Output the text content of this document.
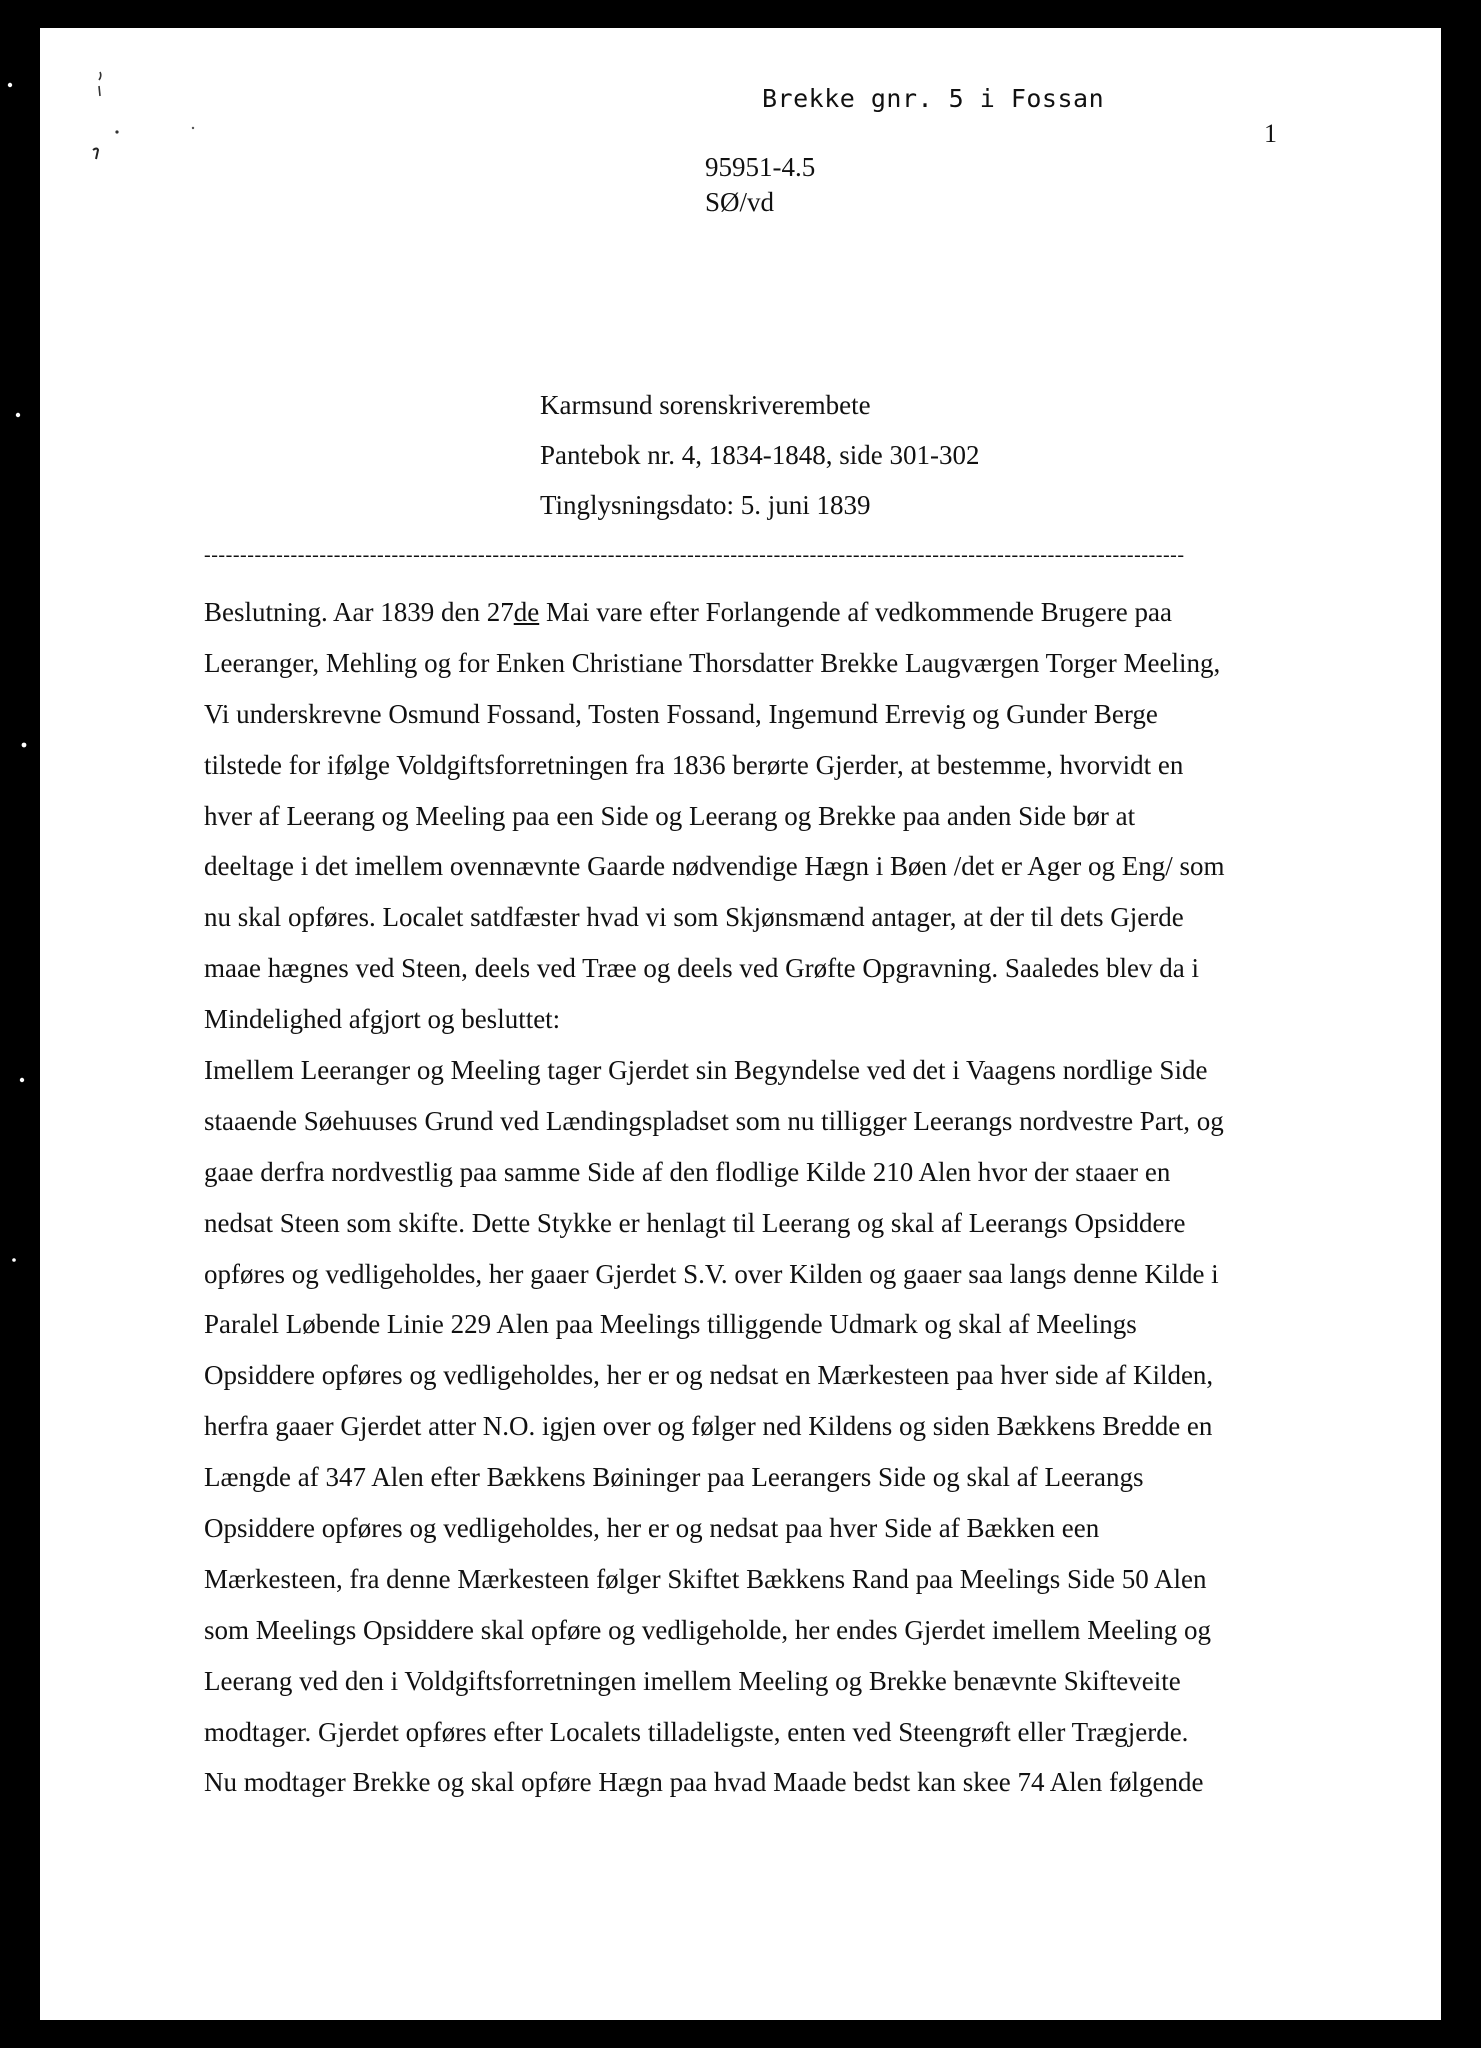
Brekke gnr. 5 i Fossan
1
95951-4.5
SØ/vd
Karmsund sorenskriverembete
Pantebok nr. 4, 1834-1848, side 301-302
Tinglysningsdato: 5. juni 1839
----------------------------------------------------------------------------------------------------------------------------------------
Beslutning. Aar 1839 den 27de Mai vare efter Forlangende af vedkommende Brugere paa
Leeranger, Mehling og for Enken Christiane Thorsdatter Brekke Laugværgen Torger Meeling,
Vi underskrevne Osmund Fossand, Tosten Fossand, Ingemund Errevig og Gunder Berge
tilstede for ifølge Voldgiftsforretningen fra 1836 berørte Gjerder, at bestemme, hvorvidt en
hver af Leerang og Meeling paa een Side og Leerang og Brekke paa anden Side bør at
deeltage i det imellem ovennævnte Gaarde nødvendige Hægn i Bøen /det er Ager og Eng/ som
nu skal opføres. Localet satdfæster hvad vi som Skjønsmænd antager, at der til dets Gjerde
maae hægnes ved Steen, deels ved Træe og deels ved Grøfte Opgravning. Saaledes blev da i
Mindelighed afgjort og besluttet:
Imellem Leeranger og Meeling tager Gjerdet sin Begyndelse ved det i Vaagens nordlige Side
staaende Søehuuses Grund ved Lændingspladset som nu tilligger Leerangs nordvestre Part, og
gaae derfra nordvestlig paa samme Side af den flodlige Kilde 210 Alen hvor der staaer en
nedsat Steen som skifte. Dette Stykke er henlagt til Leerang og skal af Leerangs Opsiddere
opføres og vedligeholdes, her gaaer Gjerdet S.V. over Kilden og gaaer saa langs denne Kilde i
Paralel Løbende Linie 229 Alen paa Meelings tilliggende Udmark og skal af Meelings
Opsiddere opføres og vedligeholdes, her er og nedsat en Mærkesteen paa hver side af Kilden,
herfra gaaer Gjerdet atter N.O. igjen over og følger ned Kildens og siden Bækkens Bredde en
Længde af 347 Alen efter Bækkens Bøininger paa Leerangers Side og skal af Leerangs
Opsiddere opføres og vedligeholdes, her er og nedsat paa hver Side af Bækken een
Mærkesteen, fra denne Mærkesteen følger Skiftet Bækkens Rand paa Meelings Side 50 Alen
som Meelings Opsiddere skal opføre og vedligeholde, her endes Gjerdet imellem Meeling og
Leerang ved den i Voldgiftsforretningen imellem Meeling og Brekke benævnte Skifteveite
modtager. Gjerdet opføres efter Localets tilladeligste, enten ved Steengrøft eller Trægjerde.
Nu modtager Brekke og skal opføre Hægn paa hvad Maade bedst kan skee 74 Alen følgende
